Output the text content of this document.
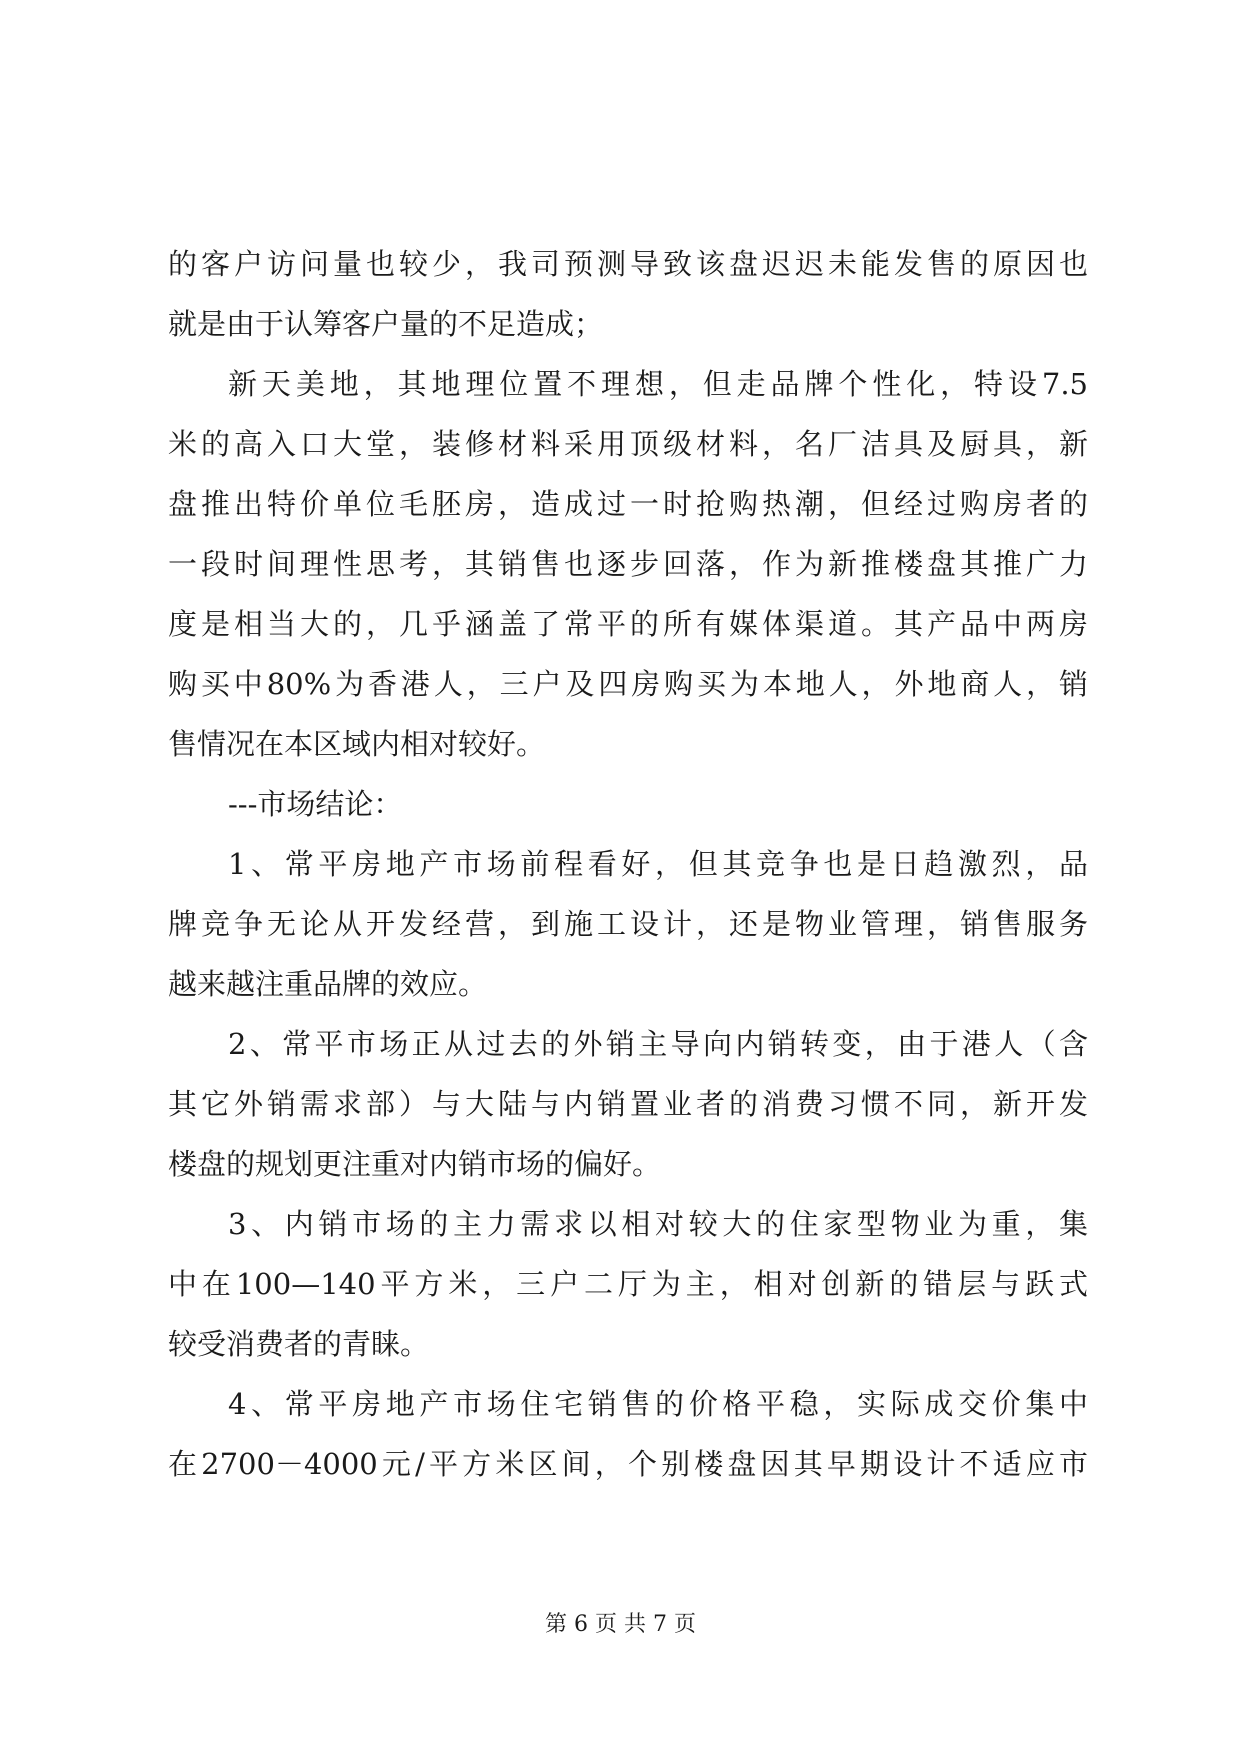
的客户访问量也较少，我司预测导致该盘迟迟未能发售的原因也
就是由于认筹客户量的不足造成；
新天美地，其地理位置不理想，但走品牌个性化，特设7.5
米的高入口大堂，装修材料采用顶级材料，名厂洁具及厨具，新
盘推出特价单位毛胚房，造成过一时抢购热潮，但经过购房者的
一段时间理性思考，其销售也逐步回落，作为新推楼盘其推广力
度是相当大的，几乎涵盖了常平的所有媒体渠道。其产品中两房
购买中80%为香港人，三户及四房购买为本地人，外地商人，销
售情况在本区域内相对较好。
---市场结论：
1、常平房地产市场前程看好，但其竞争也是日趋激烈，品
牌竞争无论从开发经营，到施工设计，还是物业管理，销售服务
越来越注重品牌的效应。
2、常平市场正从过去的外销主导向内销转变，由于港人（含
其它外销需求部）与大陆与内销置业者的消费习惯不同，新开发
楼盘的规划更注重对内销市场的偏好。
3、内销市场的主力需求以相对较大的住家型物业为重，集
中在100—140平方米，三户二厅为主，相对创新的错层与跃式
较受消费者的青睐。
4、常平房地产市场住宅销售的价格平稳，实际成交价集中
在2700－4000元/平方米区间，个别楼盘因其早期设计不适应市
第 6 页 共 7 页
